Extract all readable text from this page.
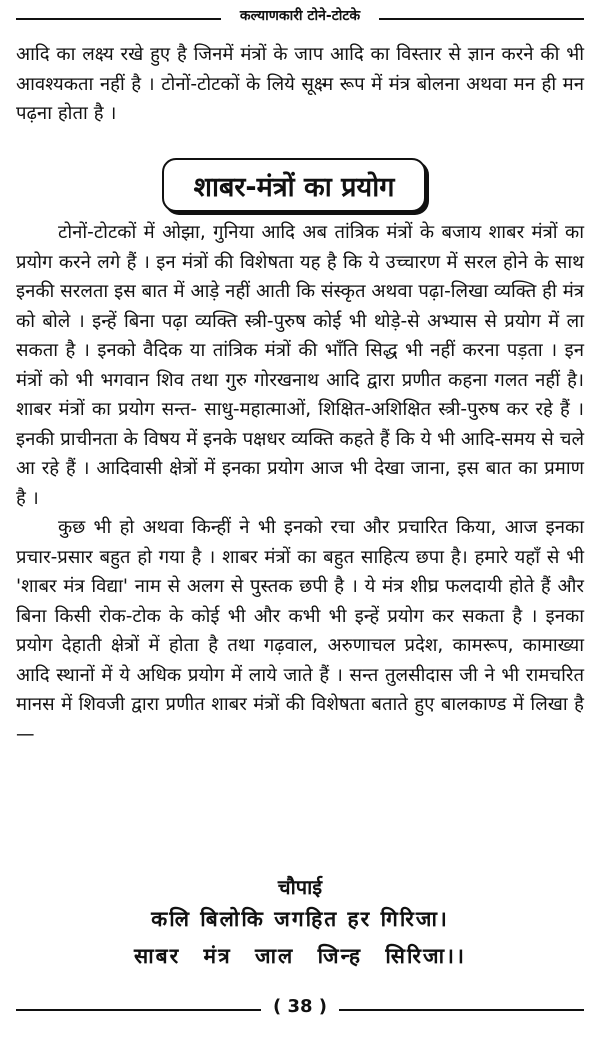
कल्याणकारी टोने-टोटके

आदि का लक्ष्य रखे हुए है जिनमें मंत्रों के जाप आदि का विस्तार से ज्ञान करने की भी आवश्यकता नहीं है । टोनों-टोटकों के लिये सूक्ष्म रूप में मंत्र बोलना अथवा मन ही मन पढ़ना होता है ।

शाबर-मंत्रों का प्रयोग

टोनों-टोटकों में ओझा, गुनिया आदि अब तांत्रिक मंत्रों के बजाय शाबर मंत्रों का प्रयोग करने लगे हैं । इन मंत्रों की विशेषता यह है कि ये उच्चारण में सरल होने के साथ इनकी सरलता इस बात में आड़े नहीं आती कि संस्कृत अथवा पढ़ा-लिखा व्यक्ति ही मंत्र को बोले । इन्हें बिना पढ़ा व्यक्ति स्त्री-पुरुष कोई भी थोड़े-से अभ्यास से प्रयोग में ला सकता है । इनको वैदिक या तांत्रिक मंत्रों की भाँति सिद्ध भी नहीं करना पड़ता । इन मंत्रों को भी भगवान शिव तथा गुरु गोरखनाथ आदि द्वारा प्रणीत कहना गलत नहीं है। शाबर मंत्रों का प्रयोग सन्त- साधु-महात्माओं, शिक्षित-अशिक्षित स्त्री-पुरुष कर रहे हैं । इनकी प्राचीनता के विषय में इनके पक्षधर व्यक्ति कहते हैं कि ये भी आदि-समय से चले आ रहे हैं । आदिवासी क्षेत्रों में इनका प्रयोग आज भी देखा जाना, इस बात का प्रमाण है ।

कुछ भी हो अथवा किन्हीं ने भी इनको रचा और प्रचारित किया, आज इनका प्रचार-प्रसार बहुत हो गया है । शाबर मंत्रों का बहुत साहित्य छपा है। हमारे यहाँ से भी 'शाबर मंत्र विद्या' नाम से अलग से पुस्तक छपी है । ये मंत्र शीघ्र फलदायी होते हैं और बिना किसी रोक-टोक के कोई भी और कभी भी इन्हें प्रयोग कर सकता है । इनका प्रयोग देहाती क्षेत्रों में होता है तथा गढ़वाल, अरुणाचल प्रदेश, कामरूप, कामाख्या आदि स्थानों में ये अधिक प्रयोग में लाये जाते हैं । सन्त तुलसीदास जी ने भी रामचरित मानस में शिवजी द्वारा प्रणीत शाबर मंत्रों की विशेषता बताते हुए बालकाण्ड में लिखा है—

चौपाई
कलि बिलोकि जगहित हर गिरिजा।
साबर मंत्र जाल जिन्ह सिरिजा।।
( 38 )
